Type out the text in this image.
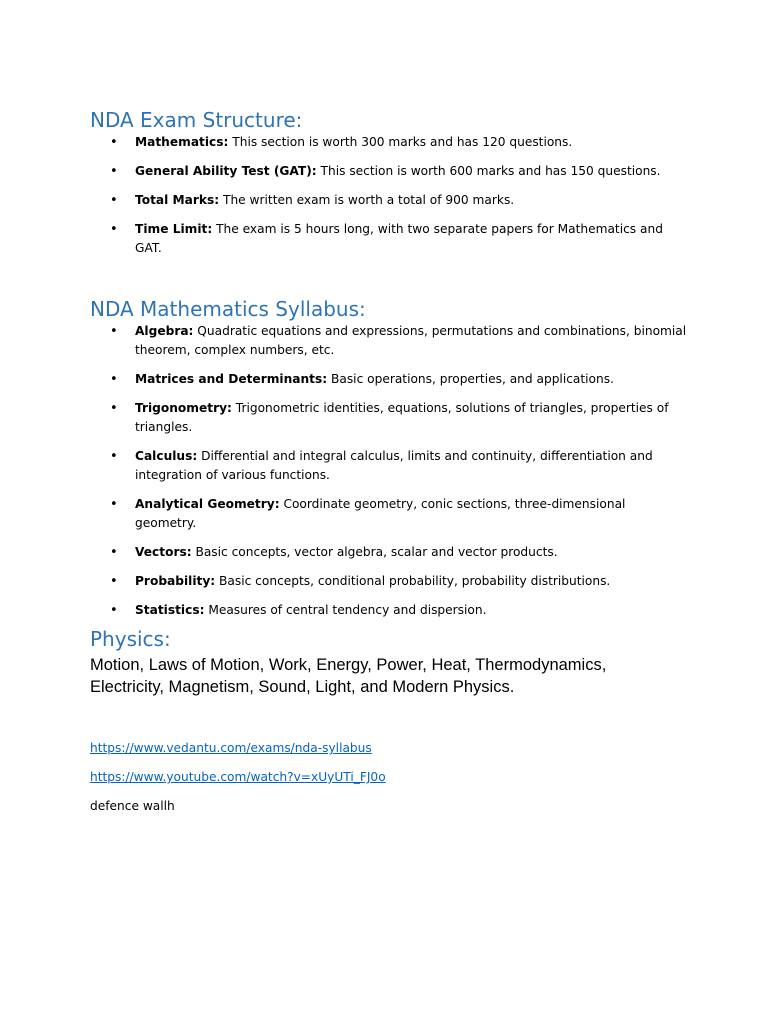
NDA Exam Structure:
• Mathematics: This section is worth 300 marks and has 120 questions.
• General Ability Test (GAT): This section is worth 600 marks and has 150 questions.
• Total Marks: The written exam is worth a total of 900 marks.
• Time Limit: The exam is 5 hours long, with two separate papers for Mathematics and GAT.
NDA Mathematics Syllabus:
• Algebra: Quadratic equations and expressions, permutations and combinations, binomial theorem, complex numbers, etc.
• Matrices and Determinants: Basic operations, properties, and applications.
• Trigonometry: Trigonometric identities, equations, solutions of triangles, properties of triangles.
• Calculus: Differential and integral calculus, limits and continuity, differentiation and integration of various functions.
• Analytical Geometry: Coordinate geometry, conic sections, three-dimensional geometry.
• Vectors: Basic concepts, vector algebra, scalar and vector products.
• Probability: Basic concepts, conditional probability, probability distributions.
• Statistics: Measures of central tendency and dispersion.
Physics:

Motion, Laws of Motion, Work, Energy, Power, Heat, Thermodynamics, Electricity, Magnetism, Sound, Light, and Modern Physics.

https://www.vedantu.com/exams/nda-syllabus
https://www.youtube.com/watch?v=xUyUTi_FJ0o

defence wallh
